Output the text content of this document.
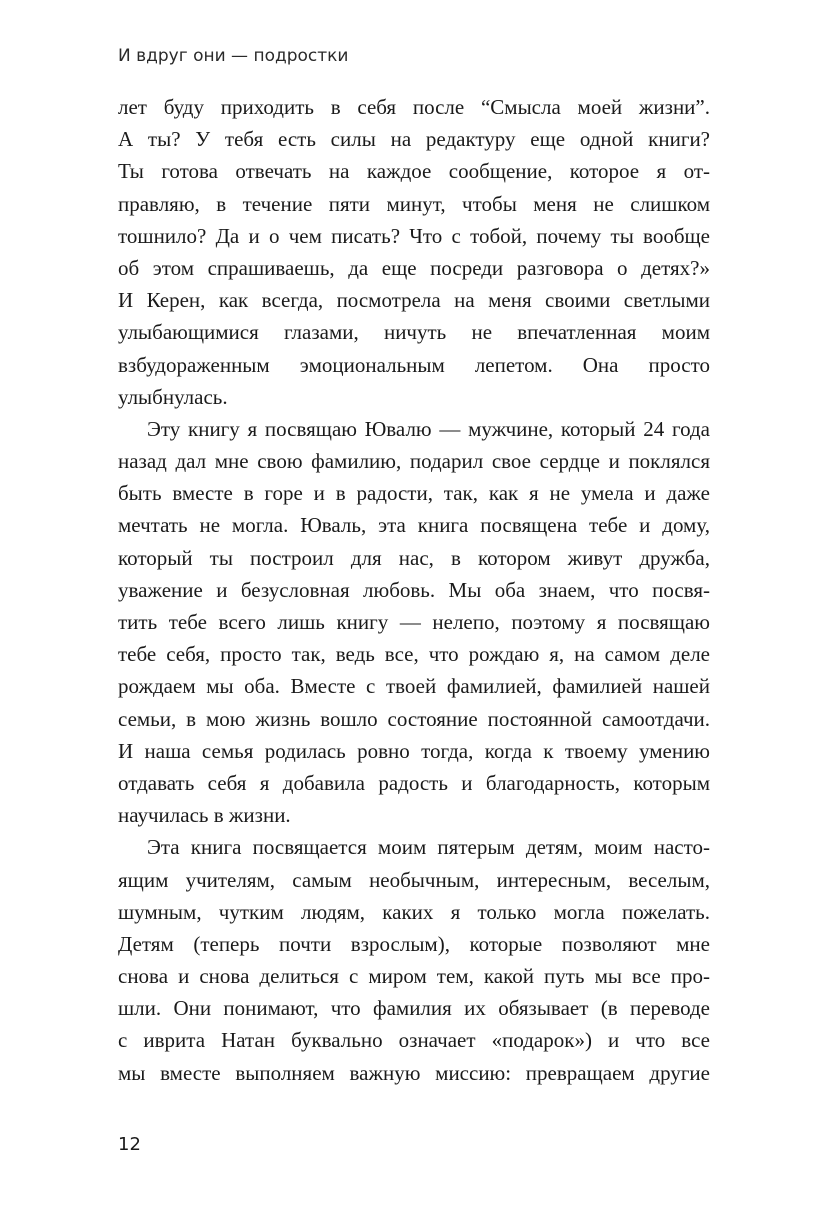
И вдруг они — подростки
лет буду приходить в себя после “Смысла моей жизни”.
А ты? У тебя есть силы на редактуру еще одной книги?
Ты готова отвечать на каждое сообщение, которое я от-
правляю, в течение пяти минут, чтобы меня не слишком
тошнило? Да и о чем писать? Что с тобой, почему ты вообще
об этом спрашиваешь, да еще посреди разговора о детях?»
И Керен, как всегда, посмотрела на меня своими светлыми
улыбающимися глазами, ничуть не впечатленная моим
взбудораженным эмоциональным лепетом. Она просто
улыбнулась.
Эту книгу я посвящаю Ювалю — мужчине, который 24 года
назад дал мне свою фамилию, подарил свое сердце и поклялся
быть вместе в горе и в радости, так, как я не умела и даже
мечтать не могла. Юваль, эта книга посвящена тебе и дому,
который ты построил для нас, в котором живут дружба,
уважение и безусловная любовь. Мы оба знаем, что посвя-
тить тебе всего лишь книгу — нелепо, поэтому я посвящаю
тебе себя, просто так, ведь все, что рождаю я, на самом деле
рождаем мы оба. Вместе с твоей фамилией, фамилией нашей
семьи, в мою жизнь вошло состояние постоянной самоотдачи.
И наша семья родилась ровно тогда, когда к твоему умению
отдавать себя я добавила радость и благодарность, которым
научилась в жизни.
Эта книга посвящается моим пятерым детям, моим насто-
ящим учителям, самым необычным, интересным, веселым,
шумным, чутким людям, каких я только могла пожелать.
Детям (теперь почти взрослым), которые позволяют мне
снова и снова делиться с миром тем, какой путь мы все про-
шли. Они понимают, что фамилия их обязывает (в переводе
с иврита Натан буквально означает «подарок») и что все
мы вместе выполняем важную миссию: превращаем другие
12
